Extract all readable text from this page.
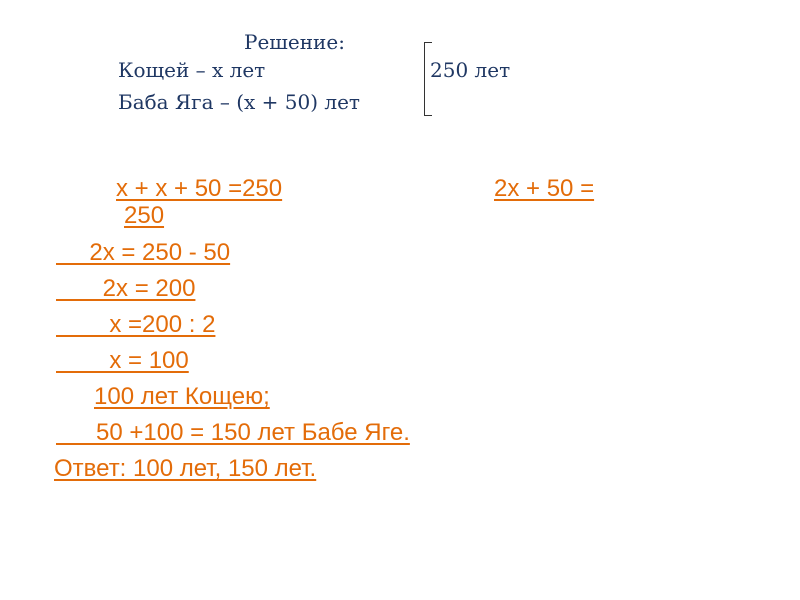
Решение:
Кощей – х лет
Баба Яга – (х + 50) лет
250 лет
х + х + 50 =250	2х + 50 =
250
2х = 250 - 50
2х = 200
х =200 : 2
х = 100
100 лет Кощею;
50 +100 = 150 лет Бабе Яге.
Ответ: 100 лет, 150 лет.
